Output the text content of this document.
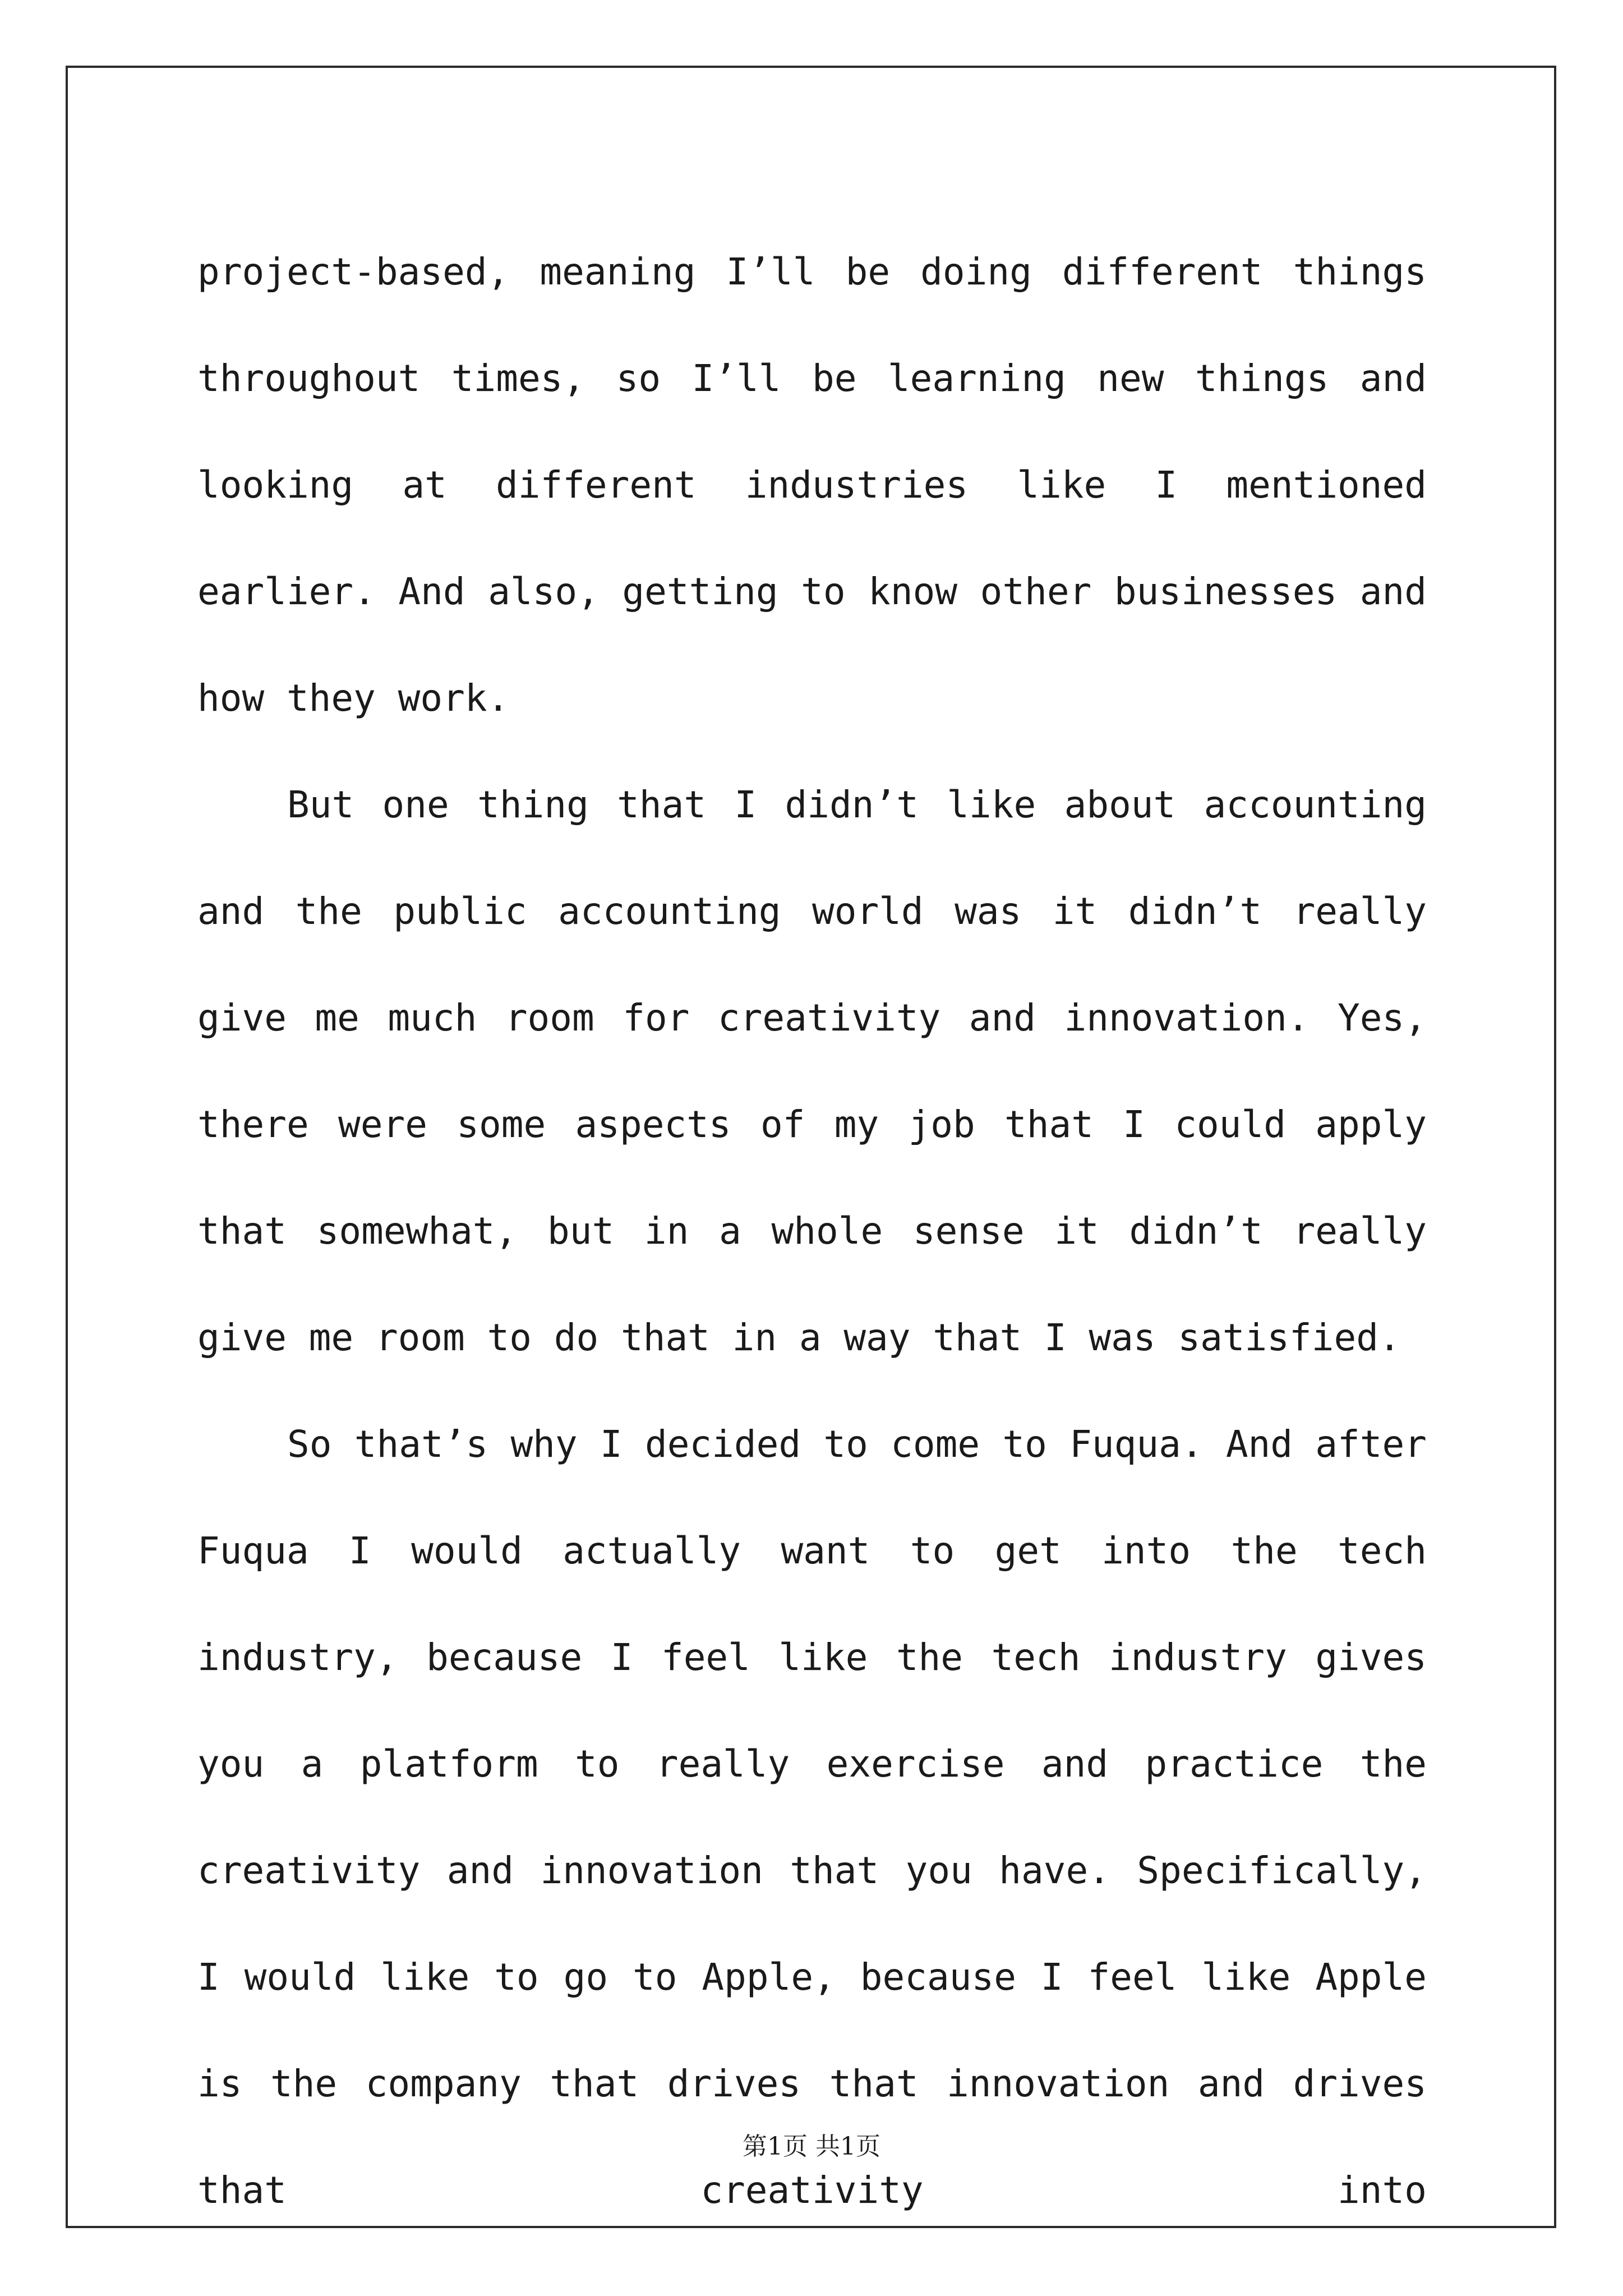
project-based, meaning I’ll be doing different things throughout times, so I’ll be learning new things and looking at different industries like I mentioned earlier. And also, getting to know other businesses and how they work.

But one thing that I didn’t like about accounting and the public accounting world was it didn’t really give me much room for creativity and innovation. Yes, there were some aspects of my job that I could apply that somewhat, but in a whole sense it didn’t really give me room to do that in a way that I was satisfied.

So that’s why I decided to come to Fuqua. And after Fuqua I would actually want to get into the tech industry, because I feel like the tech industry gives you a platform to really exercise and practice the creativity and innovation that you have. Specifically, I would like to go to Apple, because I feel like Apple is the company that drives that innovation and drives that creativity into

第1页 共1页
